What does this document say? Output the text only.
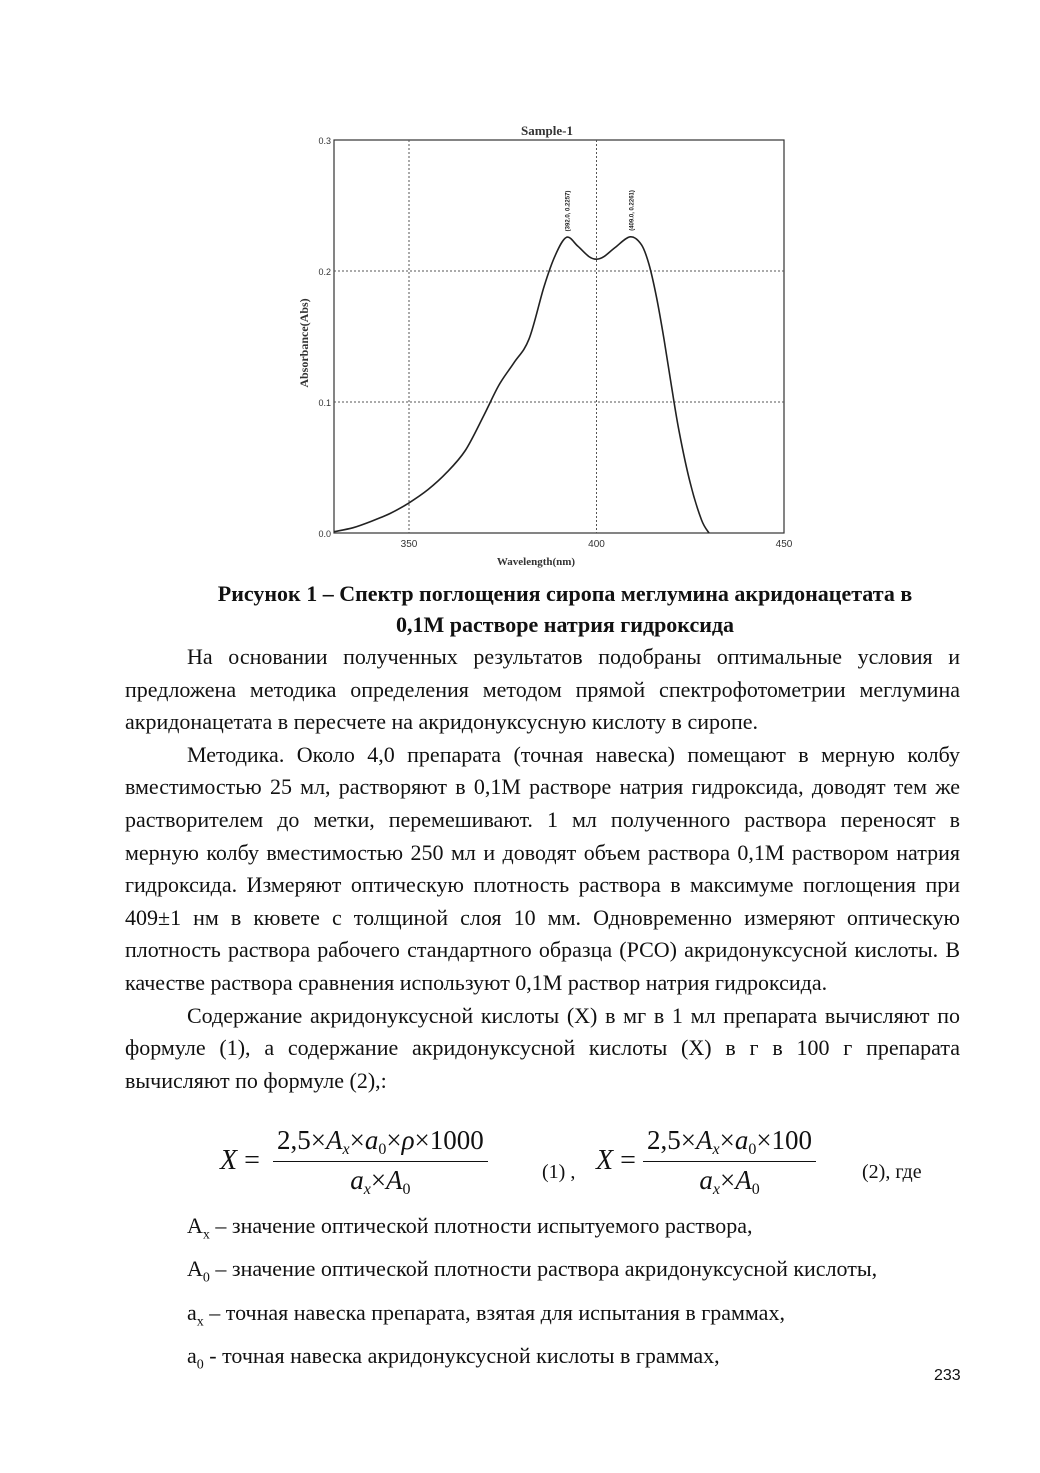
Sample-1
(392.0, 0.2257)	(409.0, 0.2261)
0.0
0.1
0.2
0.3
350	400	450
Wavelength(nm)
Absorbance(Abs)
Рисунок 1 – Спектр поглощения сиропа меглумина акридонацетата в
0,1М растворе натрия гидроксида

На основании полученных результатов подобраны оптимальные условия и предложена методика определения методом прямой спектрофотометрии меглумина акридонацетата в пересчете на акридонуксусную кислоту в сиропе.

Методика. Около 4,0 препарата (точная навеска) помещают в мерную колбу вместимостью 25 мл, растворяют в 0,1М растворе натрия гидроксида, доводят тем же растворителем до метки, перемешивают. 1 мл полученного раствора переносят в мерную колбу вместимостью 250 мл и доводят объем раствора 0,1М раствором натрия гидроксида. Измеряют оптическую плотность раствора в максимуме поглощения при 409±1 нм в кювете с толщиной слоя 10 мм. Одновременно измеряют оптическую плотность раствора рабочего стандартного образца (РСО) акридонуксусной кислоты. В качестве раствора сравнения используют 0,1М раствор натрия гидроксида.

Содержание акридонуксусной кислоты (Х) в мг в 1 мл препарата вычисляют по формуле (1), а содержание акридонуксусной кислоты (Х) в г в 100 г препарата вычисляют по формуле (2),:

$X = \frac{2,5\times A_x\times a0\times\rho\times 1000}{a_x\times A0}$	(1) , $X = \frac{2,5\times A_x\times a0\times 100}{a_x\times A0} (2)$, где
$А_х$ – значение оптической плотности испытуемого раствора,
$А_0$ – значение оптической плотности раствора акридонуксусной кислоты,
$а_х$ – точная навеска препарата, взятая для испытания в граммах,
$а_0$ - точная навеска акридонуксусной кислоты в граммах,
233
